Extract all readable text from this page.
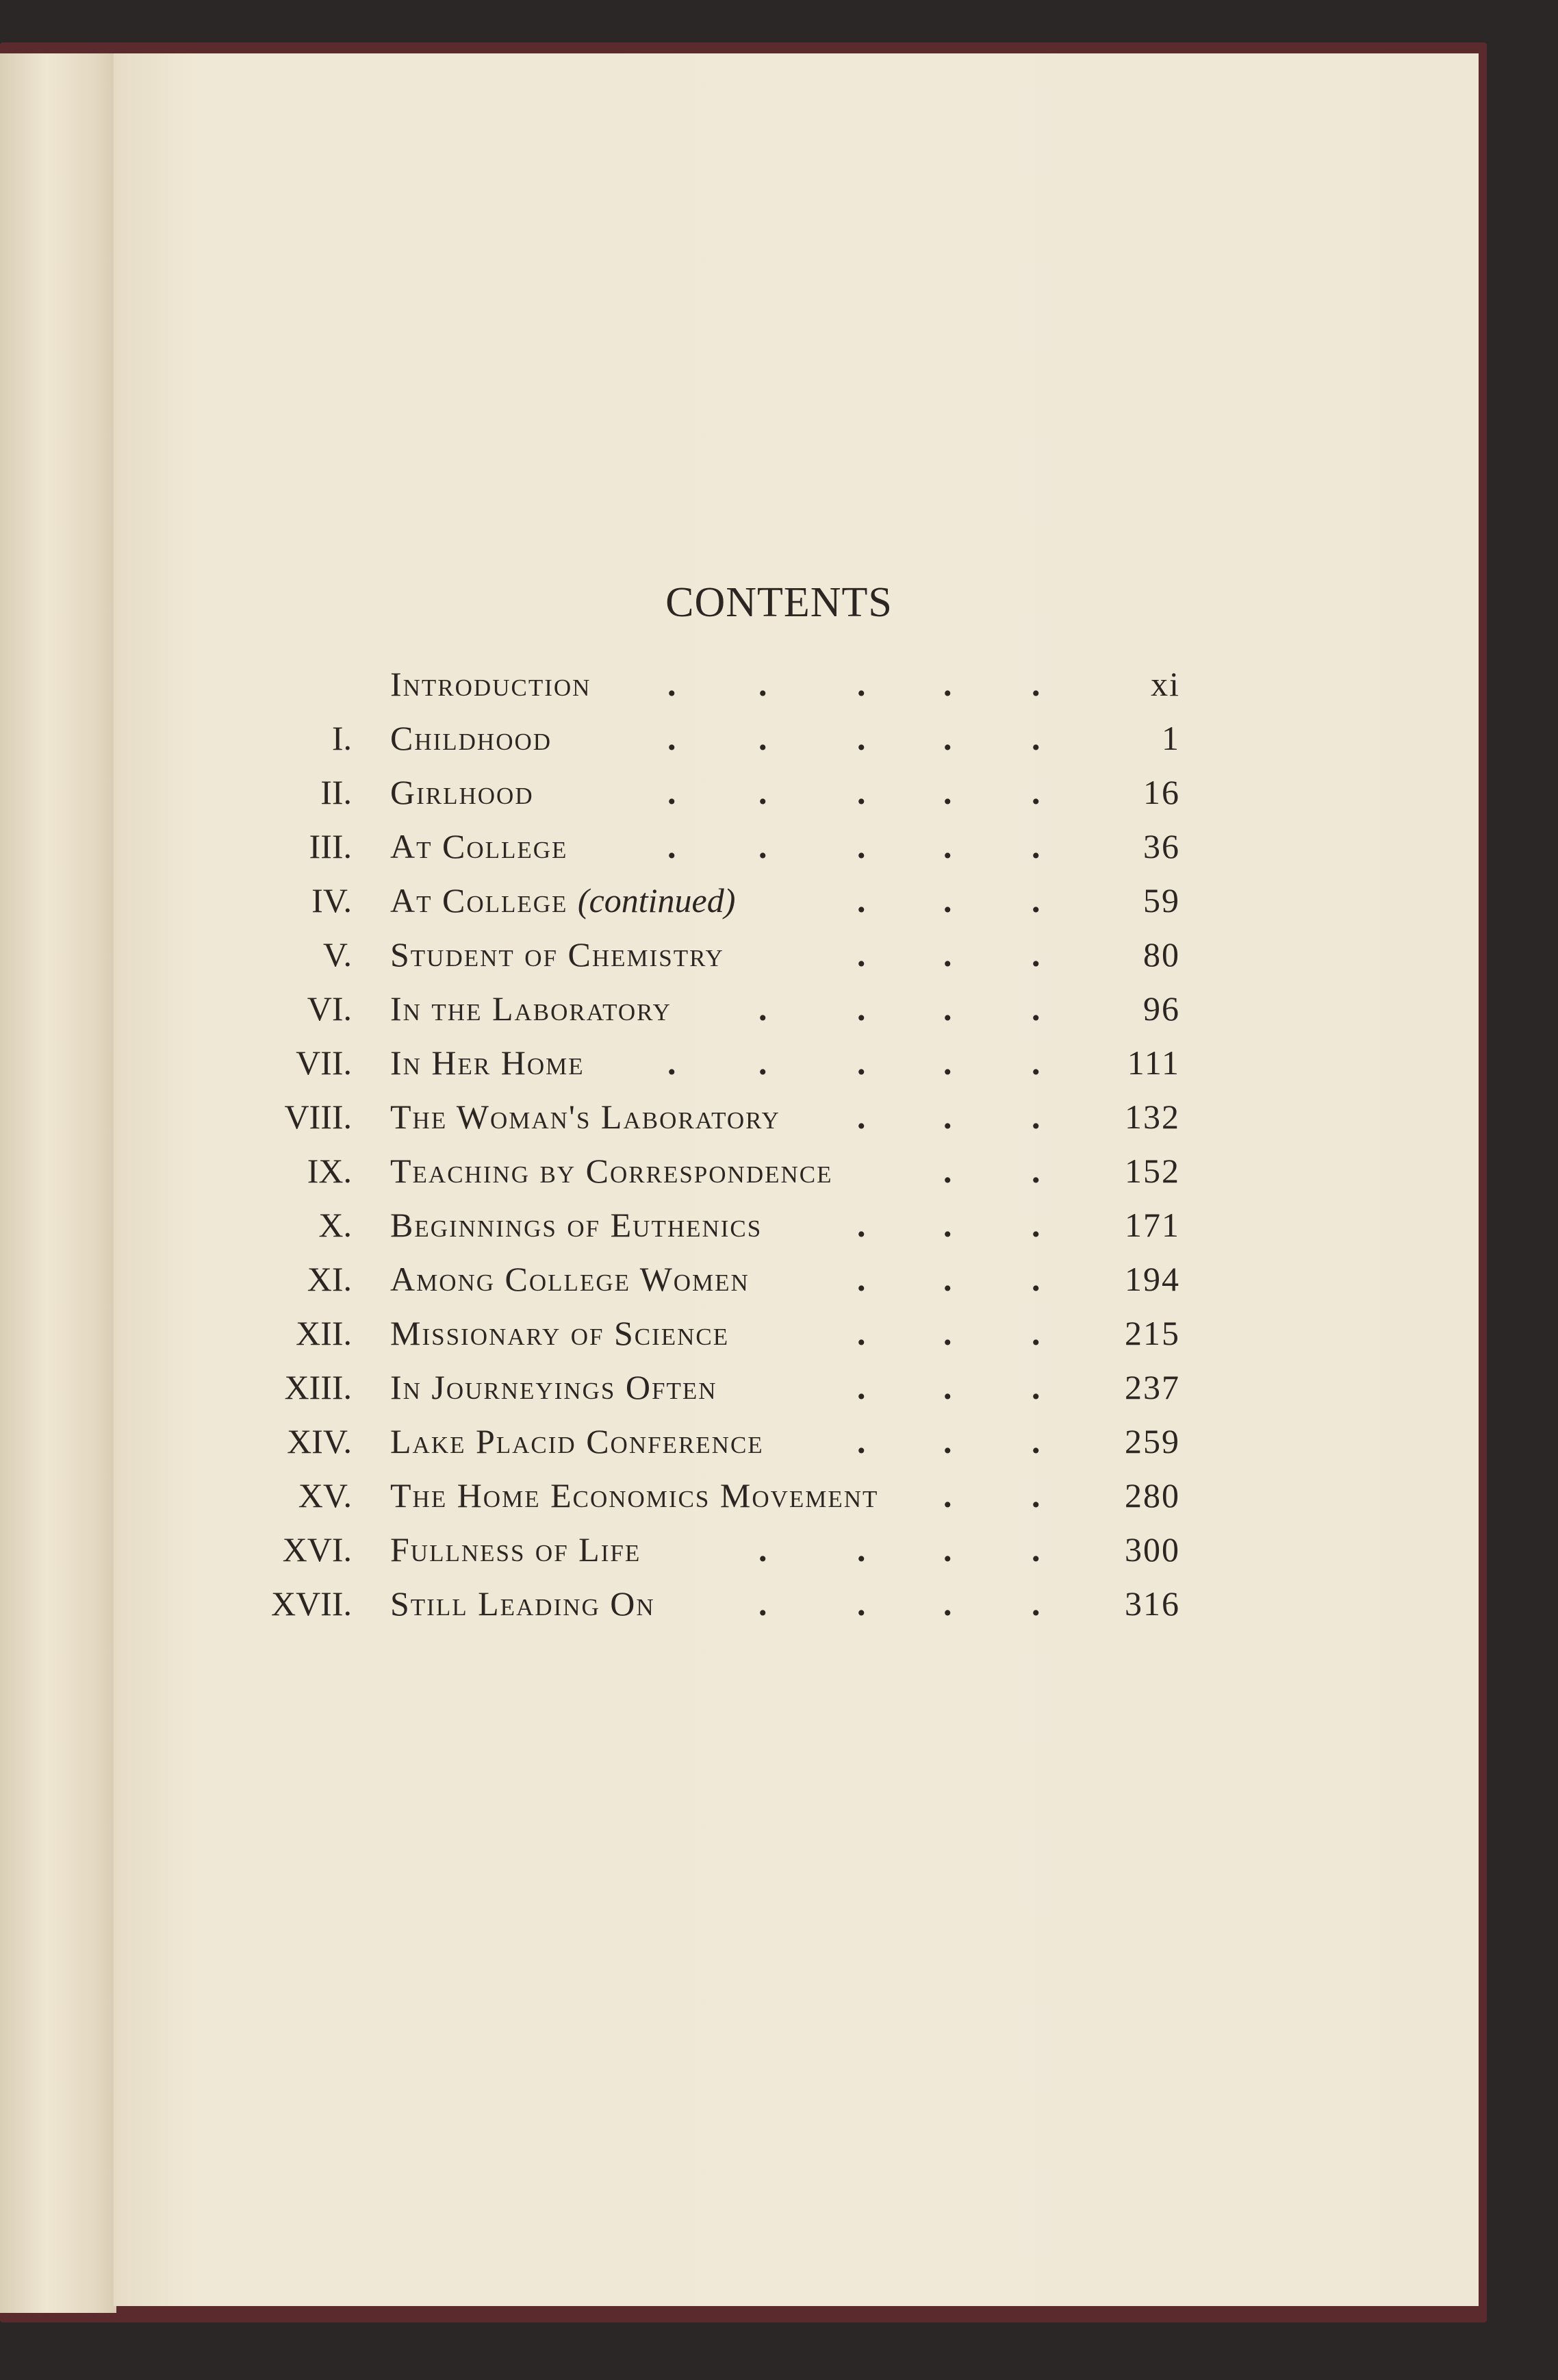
CONTENTS
Introduction	xi
. .	. . .
I. Childhood	1
. .	. . .
II. Girlhood	16
. .	. . .
III. At College	36
. .	. . .
IV. At College (continued)	59
. . .
V. Student of Chemistry	80
. . .
VI. In the Laboratory	96
.	. . .
VII. In Her Home	111
. .	. . .
VIII. The Woman's Laboratory	132
. . .
IX. Teaching by Correspondence	152
. .
X. Beginnings of Euthenics	171
. . .
XI. Among College Women	194
. . .
XII. Missionary of Science	215
. . .
XIII. In Journeyings Often	237
. . .
XIV. Lake Placid Conference	259
. . .
XV. The Home Economics Movement	280
. .
XVI. Fullness of Life	300
.	. . .
XVII. Still Leading On	316
.	. . .
